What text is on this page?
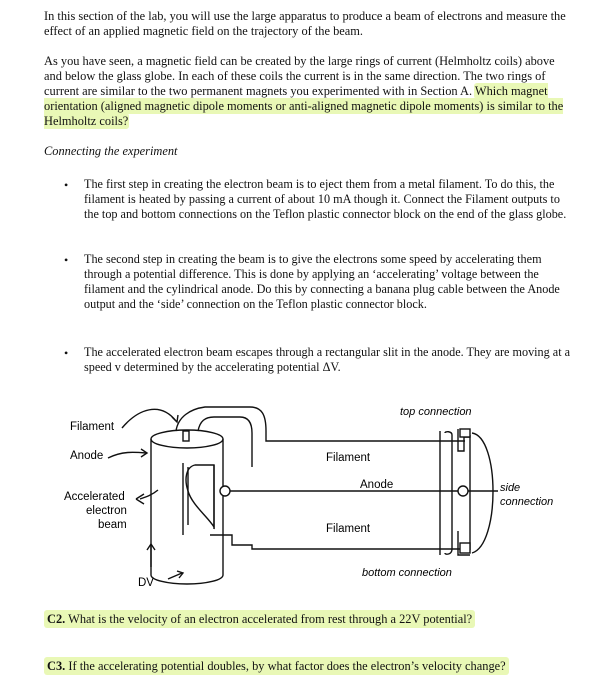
In this section of the lab, you will use the large apparatus to produce a beam of electrons and measure the effect of an applied magnetic field on the trajectory of the beam.

As you have seen, a magnetic field can be created by the large rings of current (Helmholtz coils) above and below the glass globe. In each of these coils the current is in the same direction. The two rings of current are similar to the two permanent magnets you experimented with in Section A. Which magnet orientation (aligned magnetic dipole moments or anti-aligned magnetic dipole moments) is similar to the Helmholtz coils?

Connecting the experiment

• The first step in creating the electron beam is to eject them from a metal filament. To do this, the filament is heated by passing a current of about 10 mA though it. Connect the Filament outputs to the top and bottom connections on the Teflon plastic connector block on the end of the glass globe.

• The second step in creating the beam is to give the electrons some speed by accelerating them through a potential difference. This is done by applying an ‘accelerating’ voltage between the filament and the cylindrical anode. Do this by connecting a banana plug cable between the Anode output and the ‘side’ connection on the Teflon plastic connector block.

• The accelerated electron beam escapes through a rectangular slit in the anode. They are moving at a speed v determined by the accelerating potential ΔV.

Filament
Anode
Accelerated
electron
beam
DV
top connection
Filament
Anode
Filament
side
connection
bottom connection
C2. What is the velocity of an electron accelerated from rest through a 22V potential?
C3. If the accelerating potential doubles, by what factor does the electron’s velocity change?
